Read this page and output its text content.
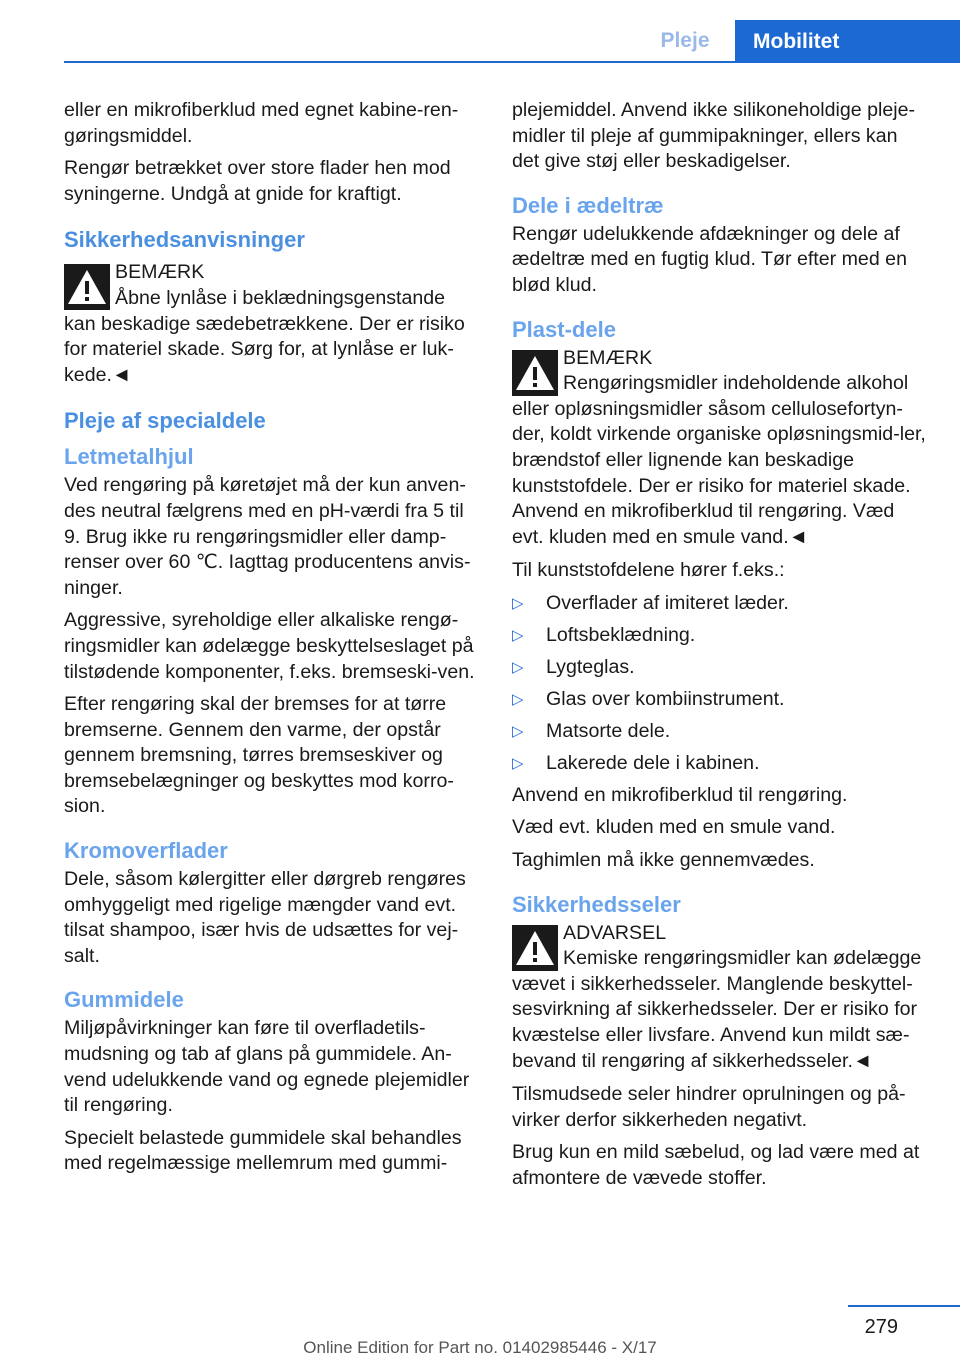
Pleje	Mobilitet

eller en mikrofiberklud med egnet kabine-ren-gøringsmiddel.

Rengør betrækket over store flader hen mod syningerne. Undgå at gnide for kraftigt.

Sikkerhedsanvisninger
BEMÆRK
Åbne lynlåse i beklædningsgenstande
kan beskadige sædebetrækkene. Der er risiko for materiel skade. Sørg for, at lynlåse er luk-kede.◄
Pleje af specialdele
Letmetalhjul

Ved rengøring på køretøjet må der kun anven-des neutral fælgrens med en pH-værdi fra 5 til 9. Brug ikke ru rengøringsmidler eller damp-renser over 60 ℃. Iagttag producentens anvis-ninger.

Aggressive, syreholdige eller alkaliske rengø-ringsmidler kan ødelægge beskyttelseslaget på tilstødende komponenter, f.eks. bremseski-ven.

Efter rengøring skal der bremses for at tørre bremserne. Gennem den varme, der opstår gennem bremsning, tørres bremseskiver og bremsebelægninger og beskyttes mod korro-sion.

Kromoverflader

Dele, såsom kølergitter eller dørgreb rengøres omhyggeligt med rigelige mængder vand evt. tilsat shampoo, især hvis de udsættes for vej-salt.

Gummidele

Miljøpåvirkninger kan føre til overfladetils-mudsning og tab af glans på gummidele. An-vend udelukkende vand og egnede plejemidler til rengøring.

Specielt belastede gummidele skal behandles med regelmæssige mellemrum med gummi-

plejemiddel. Anvend ikke silikoneholdige pleje-midler til pleje af gummipakninger, ellers kan det give støj eller beskadigelser.

Dele i ædeltræ

Rengør udelukkende afdækninger og dele af ædeltræ med en fugtig klud. Tør efter med en blød klud.

Plast-dele
BEMÆRK
Rengøringsmidler indeholdende alkohol
eller opløsningsmidler såsom cellulosefortyn-der, koldt virkende organiske opløsningsmid-ler, brændstof eller lignende kan beskadige kunststofdele. Der er risiko for materiel skade. Anvend en mikrofiberklud til rengøring. Væd evt. kluden med en smule vand.◄

Til kunststofdelene hører f.eks.:

▷	Overflader af imiteret læder.
▷	Loftsbeklædning.
▷	Lygteglas.
▷	Glas over kombiinstrument.
▷	Matsorte dele.
▷	Lakerede dele i kabinen.

Anvend en mikrofiberklud til rengøring.

Væd evt. kluden med en smule vand.

Taghimlen må ikke gennemvædes.

Sikkerhedsseler
ADVARSEL
Kemiske rengøringsmidler kan ødelægge
vævet i sikkerhedsseler. Manglende beskyttel-sesvirkning af sikkerhedsseler. Der er risiko for kvæstelse eller livsfare. Anvend kun mildt sæ-bevand til rengøring af sikkerhedsseler.◄

Tilsmudsede seler hindrer oprulningen og på-virker derfor sikkerheden negativt.

Brug kun en mild sæbelud, og lad være med at afmontere de vævede stoffer.

279
Online Edition for Part no. 01402985446 - X/17
